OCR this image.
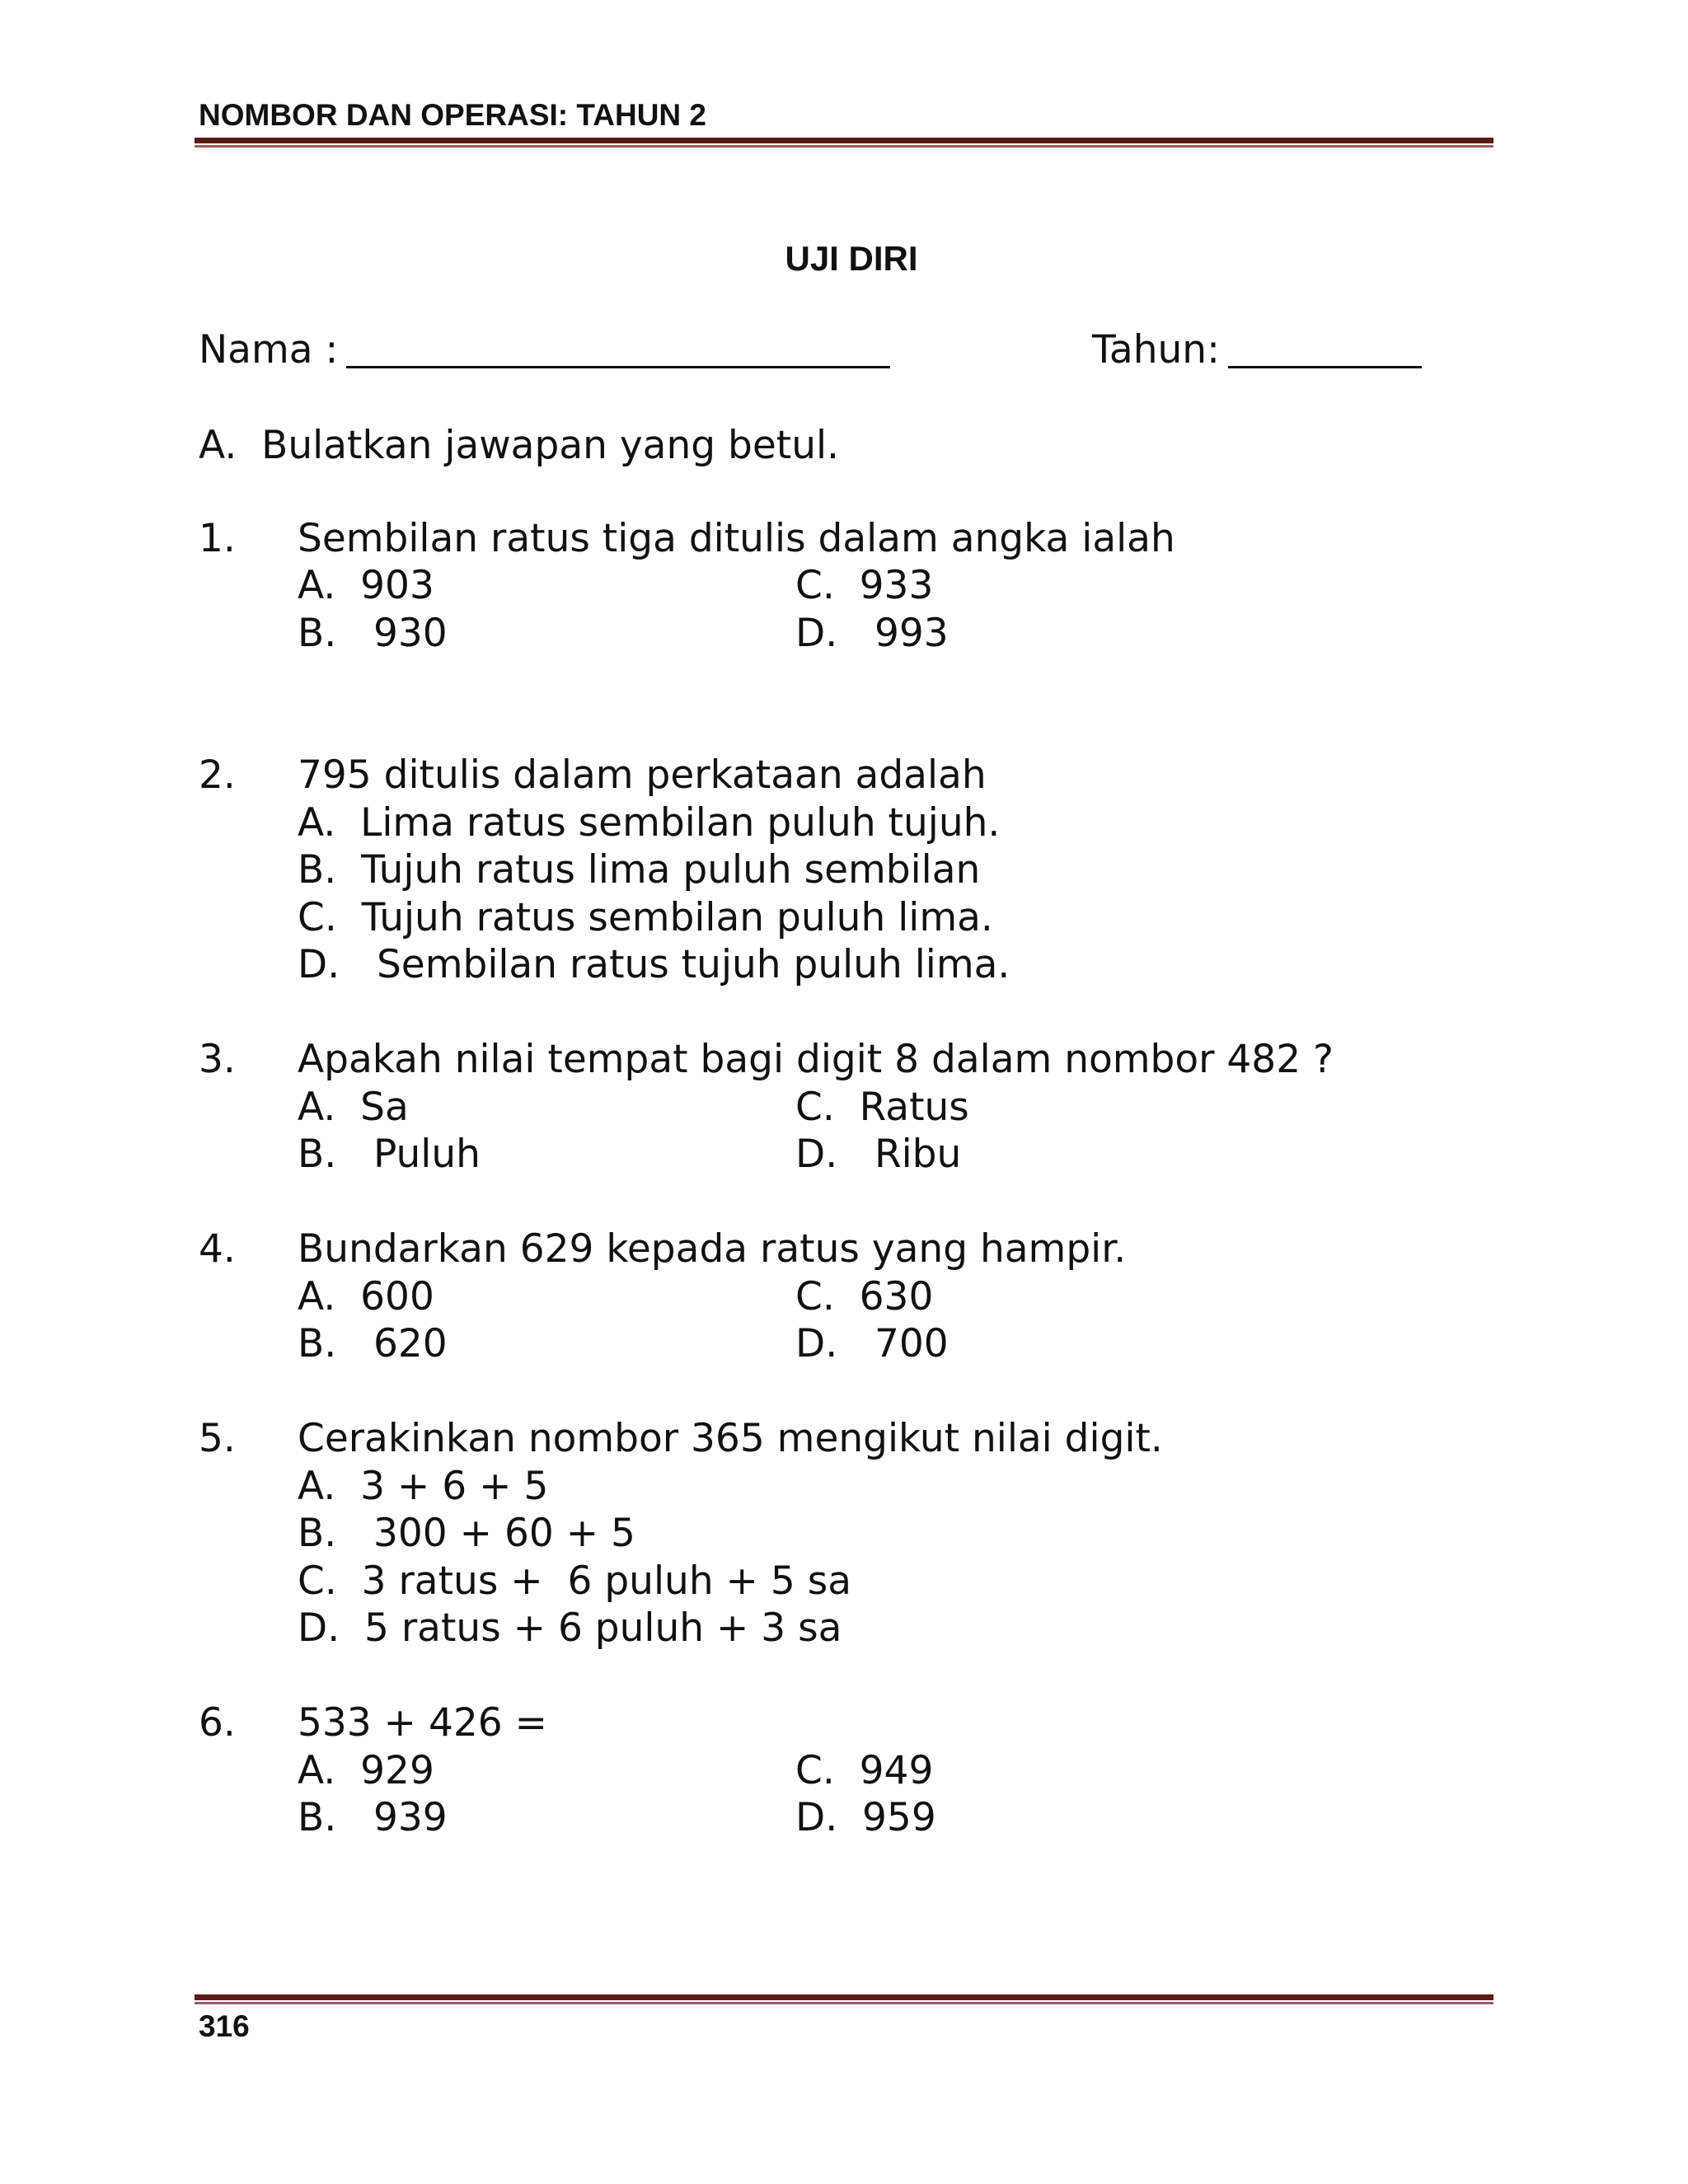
NOMBOR DAN OPERASI: TAHUN 2
UJI DIRI
Nama :	Tahun:
A.  Bulatkan jawapan yang betul.
1. Sembilan ratus tiga ditulis dalam angka ialah
A.  903
B.   930
C.  933
D.   993
2. 795 ditulis dalam perkataan adalah
A.  Lima ratus sembilan puluh tujuh.
B.  Tujuh ratus lima puluh sembilan
C.  Tujuh ratus sembilan puluh lima.
D.   Sembilan ratus tujuh puluh lima.
3. Apakah nilai tempat bagi digit 8 dalam nombor 482 ?
A.  Sa
B.   Puluh
C.  Ratus
D.   Ribu
4. Bundarkan 629 kepada ratus yang hampir.
A.  600
B.   620
C.  630
D.   700
5. Cerakinkan nombor 365 mengikut nilai digit.
A.  3 + 6 + 5
B.   300 + 60 + 5
C.  3 ratus +  6 puluh + 5 sa
D.  5 ratus + 6 puluh + 3 sa
6. 533 + 426 =
A.  929
B.   939
C.  949
D.  959
316
